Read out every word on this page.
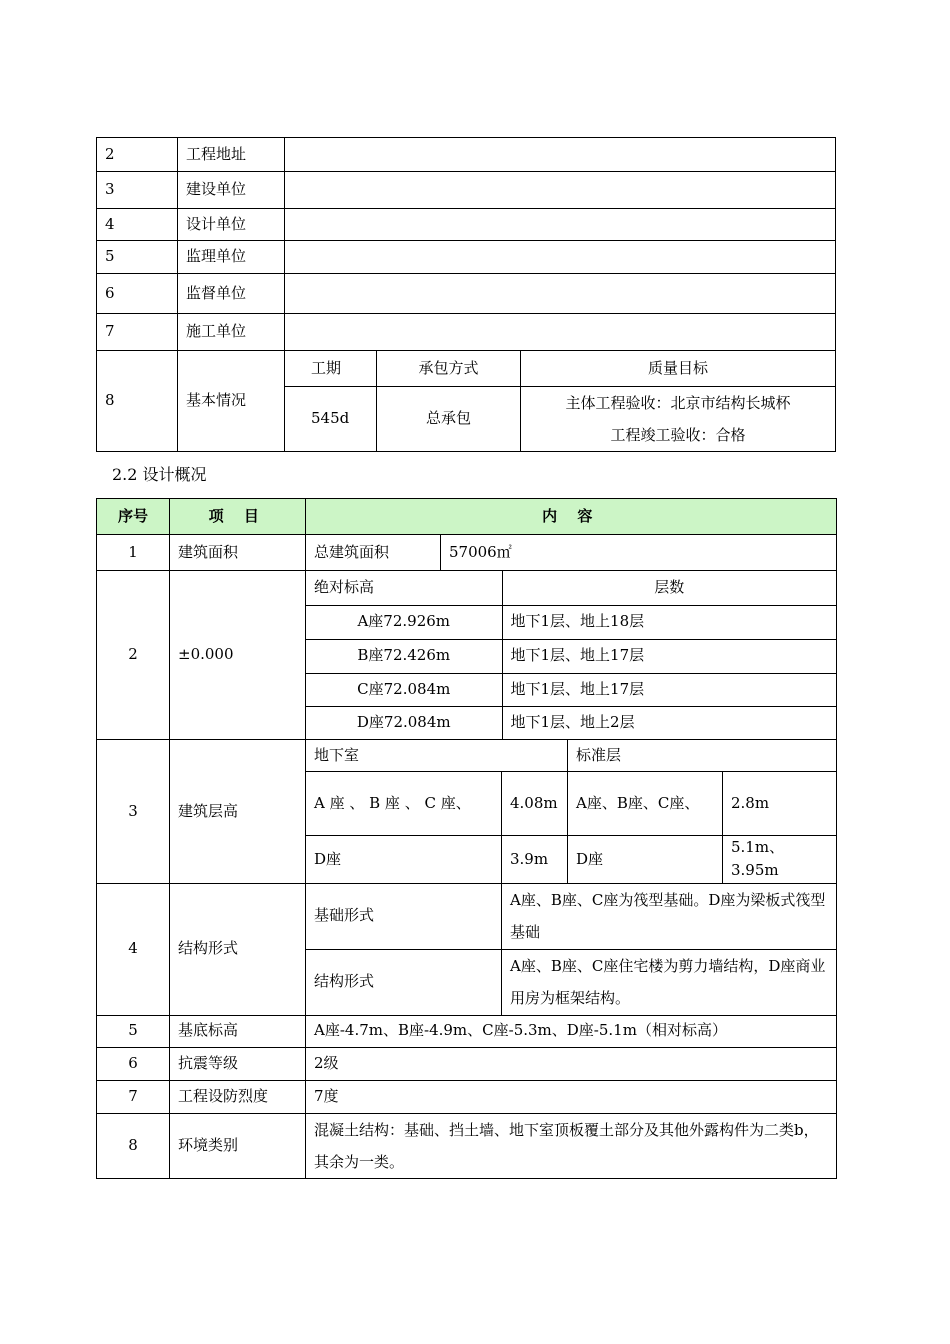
2	工程地址			
3	建设单位			
4	设计单位			
5	监理单位			
6	监督单位			
7	施工单位			
8	基本情况	工期	承包方式	质量目标
		545d	总承包	主体工程验收：北京市结构长城杯
工程竣工验收：合格
2.2 设计概况
序号	项 目	内 容
1	建筑面积	总建筑面积	57006㎡
2	±0.000	
绝对标高	层数
A座72.926m	地下1层、地上18层
B座72.426m	地下1层、地上17层
C座72.084m	地下1层、地上17层
D座72.084m	地下1层、地上2层

3	建筑层高	地下室	标准层
A 座 、 B 座 、 C 座、	4.08m	A座、B座、C座、	2.8m
D座	3.9m	D座	5.1m、3.95m
4	结构形式	基础形式	A座、B座、C座为筏型基础。D座为梁板式筏型基础
结构形式	A座、B座、C座住宅楼为剪力墙结构，D座商业用房为框架结构。
5	基底标高	A座-4.7m、B座-4.9m、C座-5.3m、D座-5.1m（相对标高）
6	抗震等级	2级
7	工程设防烈度	7度
8	环境类别	混凝土结构：基础、挡土墙、地下室顶板覆土部分及其他外露构件为二类b，其余为一类。
